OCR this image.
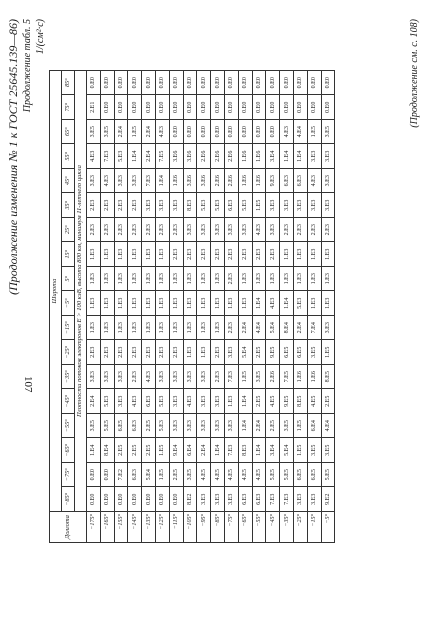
(Продолжение изменения № 1 к ГОСТ 25645.139—86) Продолжение табл. 5 1/(см²·с)
Долгота	Широта																	
	−85°	−75°	−65°	−55°	−45°	−35°	−25°	−15°	−5°	5°	15°	25°	35°	45°	55°	65°	75°	85°
	Плотности потоков электронов E > 100 кэВ, высота 800 км, минимум 11-летнего цикла																	
−175°	0.E0	0.E0	1.E4	3.E5	2.E4	3.E3	2.E3	1.E3	1.E3	1.E3	1.E3	2.E3	2.E3	3.E3	4.E3	3.E5	2.E1	0.E0
−165°	0.E0	0.E0	8.E4	5.E5	5.E3	3.E3	2.E3	1.E3	1.E3	1.E3	1.E3	2.E3	2.E3	4.E3	7.E3	3.E5	0.E0	0.E0
−155°	0.E0	7.E2	2.E5	6.E5	3.E3	3.E3	2.E3	1.E3	1.E3	1.E3	1.E3	2.E3	2.E3	3.E3	5.E3	2.E4	0.E0	0.E0
−145°	0.E0	6.E3	2.E5	6.E3	4.E3	2.E3	2.E3	1.E3	1.E3	1.E3	1.E3	2.E3	2.E3	3.E3	1.E4	1.E5	0.E0	0.E0
−135°	0.E0	5.E4	2.E5	2.E5	6.E3	4.E3	2.E3	1.E3	1.E3	1.E3	1.E3	2.E3	3.E3	7.E3	2.E4	2.E4	0.E0	0.E0
−125°	0.E0	1.E5	1.E5	5.E3	5.E3	3.E3	2.E3	1.E3	1.E3	1.E3	1.E3	2.E3	3.E3	1.E4	7.E5	4.E3	0.E0	0.E0
−115°	0.E0	2.E5	9.E4	3.E3	3.E3	3.E3	2.E3	1.E3	1.E3	1.E3	2.E3	2.E3	3.E3	1.E6	3.E6	0.E0	0.E0	0.E0
−105°	8.E2	3.E5	6.E4	3.E3	4.E3	3.E3	1.E3	1.E3	1.E3	1.E3	2.E3	3.E3	8.E3	3.E6	3.E6	0.E0	0.E0	0.E0
−95°	3.E3	4.E5	2.E4	3.E3	3.E3	3.E3	1.E3	1.E3	1.E3	1.E3	2.E3	3.E3	5.E3	3.E6	2.E6	0.E0	0.E0	0.E0
−85°	3.E3	4.E5	1.E4	3.E3	3.E3	2.E3	2.E3	1.E3	1.E3	1.E3	2.E3	3.E3	5.E3	2.E6	2.E6	0.E0	0.E0	0.E0
−75°	3.E3	4.E5	7.E3	3.E3	1.E3	7.E3	3.E3	2.E3	1.E3	2.E3	2.E3	3.E3	6.E3	2.E6	2.E6	0.E0	0.E0	0.E0
−65°	6.E3	4.E5	8.E3	1.E4	1.E4	1.E5	5.E4	2.E4	1.E3	1.E3	2.E3	3.E3	5.E3	1.E6	1.E6	0.E0	0.E0	0.E0
−55°	6.E3	4.E5	1.E4	2.E4	2.E5	3.E5	2.E5	4.E4	1.E4	1.E3	2.E3	4.E3	1.E5	1.E6	1.E6	0.E0	0.E0	0.E0
−45°	7.E3	5.E5	3.E4	2.E5	4.E5	2.E6	9.E5	5.E4	4.E3	1.E3	2.E3	3.E3	3.E3	9.E3	3.E4	0.E0	0.E0	0.E0
−35°	7.E3	5.E5	5.E4	3.E5	9.E5	7.E5	6.E5	8.E4	1.E4	1.E3	1.E3	2.E3	3.E3	6.E3	1.E4	4.E3	0.E0	0.E0
−25°	3.E3	6.E5	1.E5	1.E5	8.E5	1.E6	6.E5	2.E4	5.E3	1.E3	1.E3	2.E3	3.E3	6.E3	1.E4	4.E4	0.E0	0.E0
−15°	3.E3	6.E5	3.E5	6.E4	4.E5	1.E6	3.E5	7.E4	1.E3	1.E3	1.E3	2.E3	3.E3	4.E3	3.E3	1.E5	0.E0	0.E0
−5°	9.E2	5.E5	3.E5	4.E4	2.E5	8.E5	1.E5	3.E3	1.E3	1.E3	1.E3	2.E3	3.E3	3.E3	3.E3	3.E5	0.E0	0.E0	(Продолжение см. с. 108)
107
